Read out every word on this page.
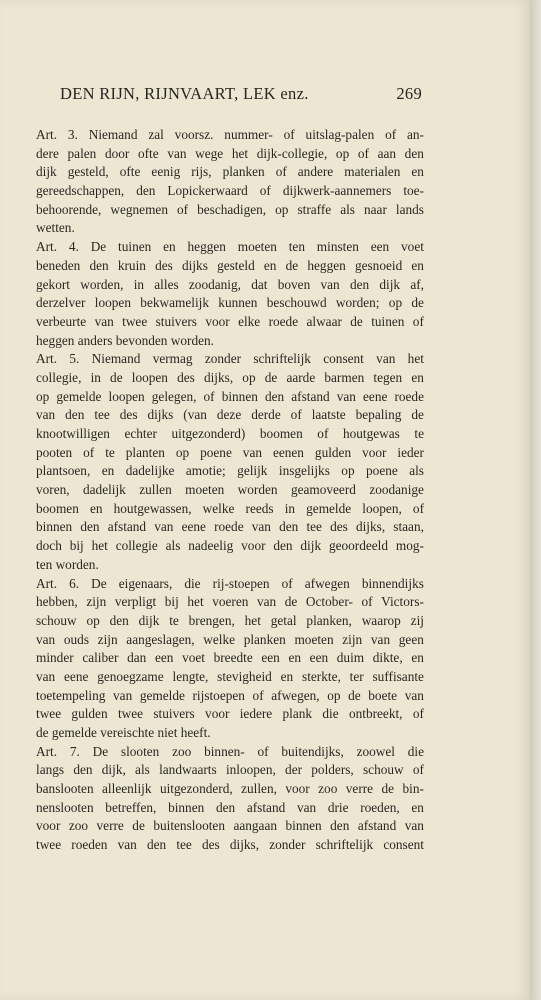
DEN RIJN, RIJNVAART, LEK enz.	269
Art. 3. Niemand zal voorsz. nummer- of uitslag-palen of an-
dere palen door ofte van wege het dijk-collegie, op of aan den
dijk gesteld, ofte eenig rijs, planken of andere materialen en
gereedschappen, den Lopickerwaard of dijkwerk-aannemers toe-
behoorende, wegnemen of beschadigen, op straffe als naar lands
wetten.
Art. 4. De tuinen en heggen moeten ten minsten een voet
beneden den kruin des dijks gesteld en de heggen gesnoeid en
gekort worden, in alles zoodanig, dat boven van den dijk af,
derzelver loopen bekwamelijk kunnen beschouwd worden; op de
verbeurte van twee stuivers voor elke roede alwaar de tuinen of
heggen anders bevonden worden.
Art. 5. Niemand vermag zonder schriftelijk consent van het
collegie, in de loopen des dijks, op de aarde barmen tegen en
op gemelde loopen gelegen, of binnen den afstand van eene roede
van den tee des dijks (van deze derde of laatste bepaling de
knootwilligen echter uitgezonderd) boomen of houtgewas te
pooten of te planten op poene van eenen gulden voor ieder
plantsoen, en dadelijke amotie; gelijk insgelijks op poene als
voren, dadelijk zullen moeten worden geamoveerd zoodanige
boomen en houtgewassen, welke reeds in gemelde loopen, of
binnen den afstand van eene roede van den tee des dijks, staan,
doch bij het collegie als nadeelig voor den dijk geoordeeld mog-
ten worden.
Art. 6. De eigenaars, die rij-stoepen of afwegen binnendijks
hebben, zijn verpligt bij het voeren van de October- of Victors-
schouw op den dijk te brengen, het getal planken, waarop zij
van ouds zijn aangeslagen, welke planken moeten zijn van geen
minder caliber dan een voet breedte een en een duim dikte, en
van eene genoegzame lengte, stevigheid en sterkte, ter suffisante
toetempeling van gemelde rijstoepen of afwegen, op de boete van
twee gulden twee stuivers voor iedere plank die ontbreekt, of
de gemelde vereischte niet heeft.
Art. 7. De slooten zoo binnen- of buitendijks, zoowel die
langs den dijk, als landwaarts inloopen, der polders, schouw of
banslooten alleenlijk uitgezonderd, zullen, voor zoo verre de bin-
nenslooten betreffen, binnen den afstand van drie roeden, en
voor zoo verre de buitenslooten aangaan binnen den afstand van
twee roeden van den tee des dijks, zonder schriftelijk consent
